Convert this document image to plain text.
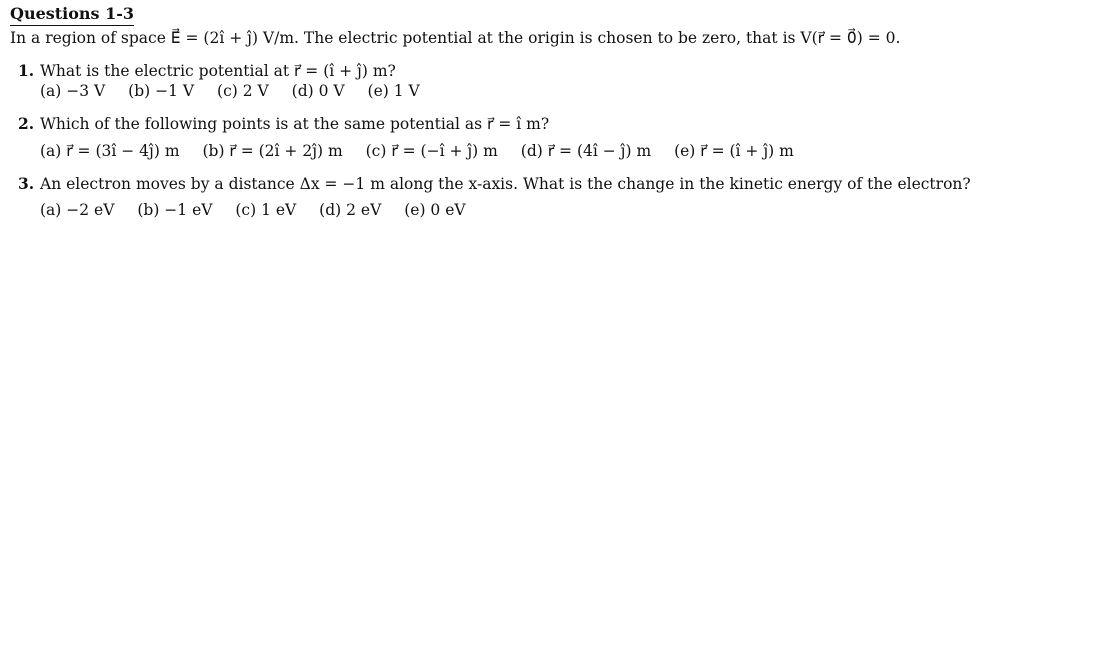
Questions 1-3
In a region of space E⃗ = (2î + ĵ) V/m. The electric potential at the origin is chosen to be zero, that is V(r⃗ = 0⃗) = 0.
1. What is the electric potential at r⃗ = (î + ĵ) m?
(a) −3 V (b) −1 V (c) 2 V (d) 0 V (e) 1 V
2. Which of the following points is at the same potential as r⃗ = î m?
(a) r⃗ = (3î − 4ĵ) m (b) r⃗ = (2î + 2ĵ) m (c) r⃗ = (−î + ĵ) m (d) r⃗ = (4î − ĵ) m (e) r⃗ = (î + ĵ) m
3. An electron moves by a distance Δx = −1 m along the x-axis. What is the change in the kinetic energy of the electron?
(a) −2 eV (b) −1 eV (c) 1 eV (d) 2 eV (e) 0 eV
